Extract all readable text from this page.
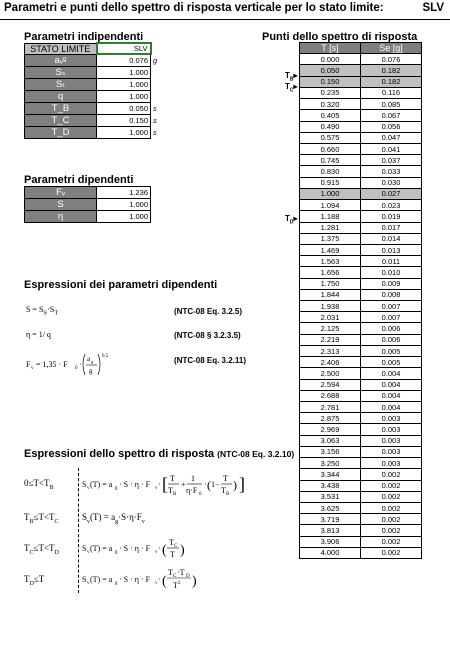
Parametri e punti dello spettro di risposta verticale per lo stato limite:	SLV
Parametri indipendenti
STATO LIMITE	SLV	
aᵥᵍ	0.076	g
Sₛ	1.000	
Sₜ	1.000	
q	1.000	
T_B	0.050	s
T_C	0.150	s
T_D	1.000	s
Parametri dipendenti
Fᵥ	1.236
S	1.000
η	1.000
Espressioni dei parametri dipendenti
$S = S_S\cdot S_T$	(NTC-08 Eq. 3.2.5)
η = 1/ q	(NTC-08 § 3.2.3.5)
F v = 1,35 · F 0 ·
a g
g
0,5	(NTC-08 Eq. 3.2.11)
Espressioni dello spettro di risposta (NTC-08 Eq. 3.2.10)
$0\le T<T_B$	S v (T) = a g · S · η · F v · [ T
T B
+
1
η·F 0
· ( 1−
T
T B
) ]
$T_B\le T<T_C$	$S_v(T) = a_g\cdot S\cdot\eta\cdot F_v$
$T_C\le T<T_D$	S v (T) = a g · S · η · F v · (
T C
T )
$T_D\le T$	S v (T) = a g · S · η · F v · (
T C ·T D
T 2 )
Punti dello spettro di risposta
T [s]	Se [g]
0.000	0.076
0.050	0.182
0.150	0.182
0.235	0.116
0.320	0.085
0.405	0.067
0.490	0.056
0.575	0.047
0.660	0.041
0.745	0.037
0.830	0.033
0.915	0.030
1.000	0.027
1.094	0.023
1.188	0.019
1.281	0.017
1.375	0.014
1.469	0.013
1.563	0.011
1.656	0.010
1.750	0.009
1.844	0.008
1.938	0.007
2.031	0.007
2.125	0.006
2.219	0.006
2.313	0.005
2.406	0.005
2.500	0.004
2.594	0.004
2.688	0.004
2.781	0.004
2.875	0.003
2.969	0.003
3.063	0.003
3.156	0.003
3.250	0.003
3.344	0.002
3.438	0.002
3.531	0.002
3.625	0.002
3.719	0.002
3.813	0.002
3.906	0.002
4.000	0.002
$T_B▸$
$T_C▸$
$T_D▸$
